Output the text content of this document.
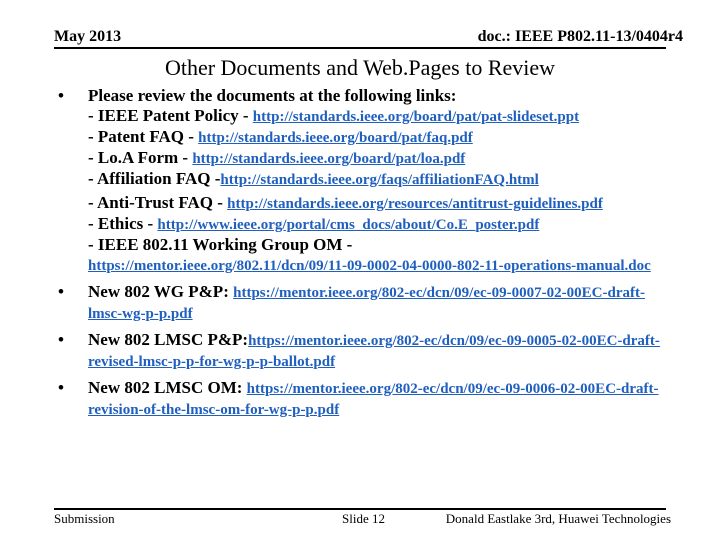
May 2013	doc.: IEEE P802.11-13/0404r4
Other Documents and Web.Pages to Review
•	Please review the documents at the following links:
- IEEE Patent Policy - http://standards.ieee.org/board/pat/pat-slideset.ppt
- Patent FAQ - http://standards.ieee.org/board/pat/faq.pdf
- Lo.A Form - http://standards.ieee.org/board/pat/loa.pdf
- Affiliation FAQ -http://standards.ieee.org/faqs/affiliationFAQ.html
- Anti-Trust FAQ - http://standards.ieee.org/resources/antitrust-guidelines.pdf
- Ethics - http://www.ieee.org/portal/cms_docs/about/Co.E_poster.pdf
- IEEE 802.11 Working Group OM -
https://mentor.ieee.org/802.11/dcn/09/11-09-0002-04-0000-802-11-operations-manual.doc
•	New 802 WG P&P: https://mentor.ieee.org/802-ec/dcn/09/ec-09-0007-02-00EC-draft-lmsc-wg-p-p.pdf
•	New 802 LMSC P&P:https://mentor.ieee.org/802-ec/dcn/09/ec-09-0005-02-00EC-draft-revised-lmsc-p-p-for-wg-p-p-ballot.pdf
•	New 802 LMSC OM: https://mentor.ieee.org/802-ec/dcn/09/ec-09-0006-02-00EC-draft-revision-of-the-lmsc-om-for-wg-p-p.pdf
Submission	Slide 12	Donald Eastlake 3rd, Huawei Technologies
